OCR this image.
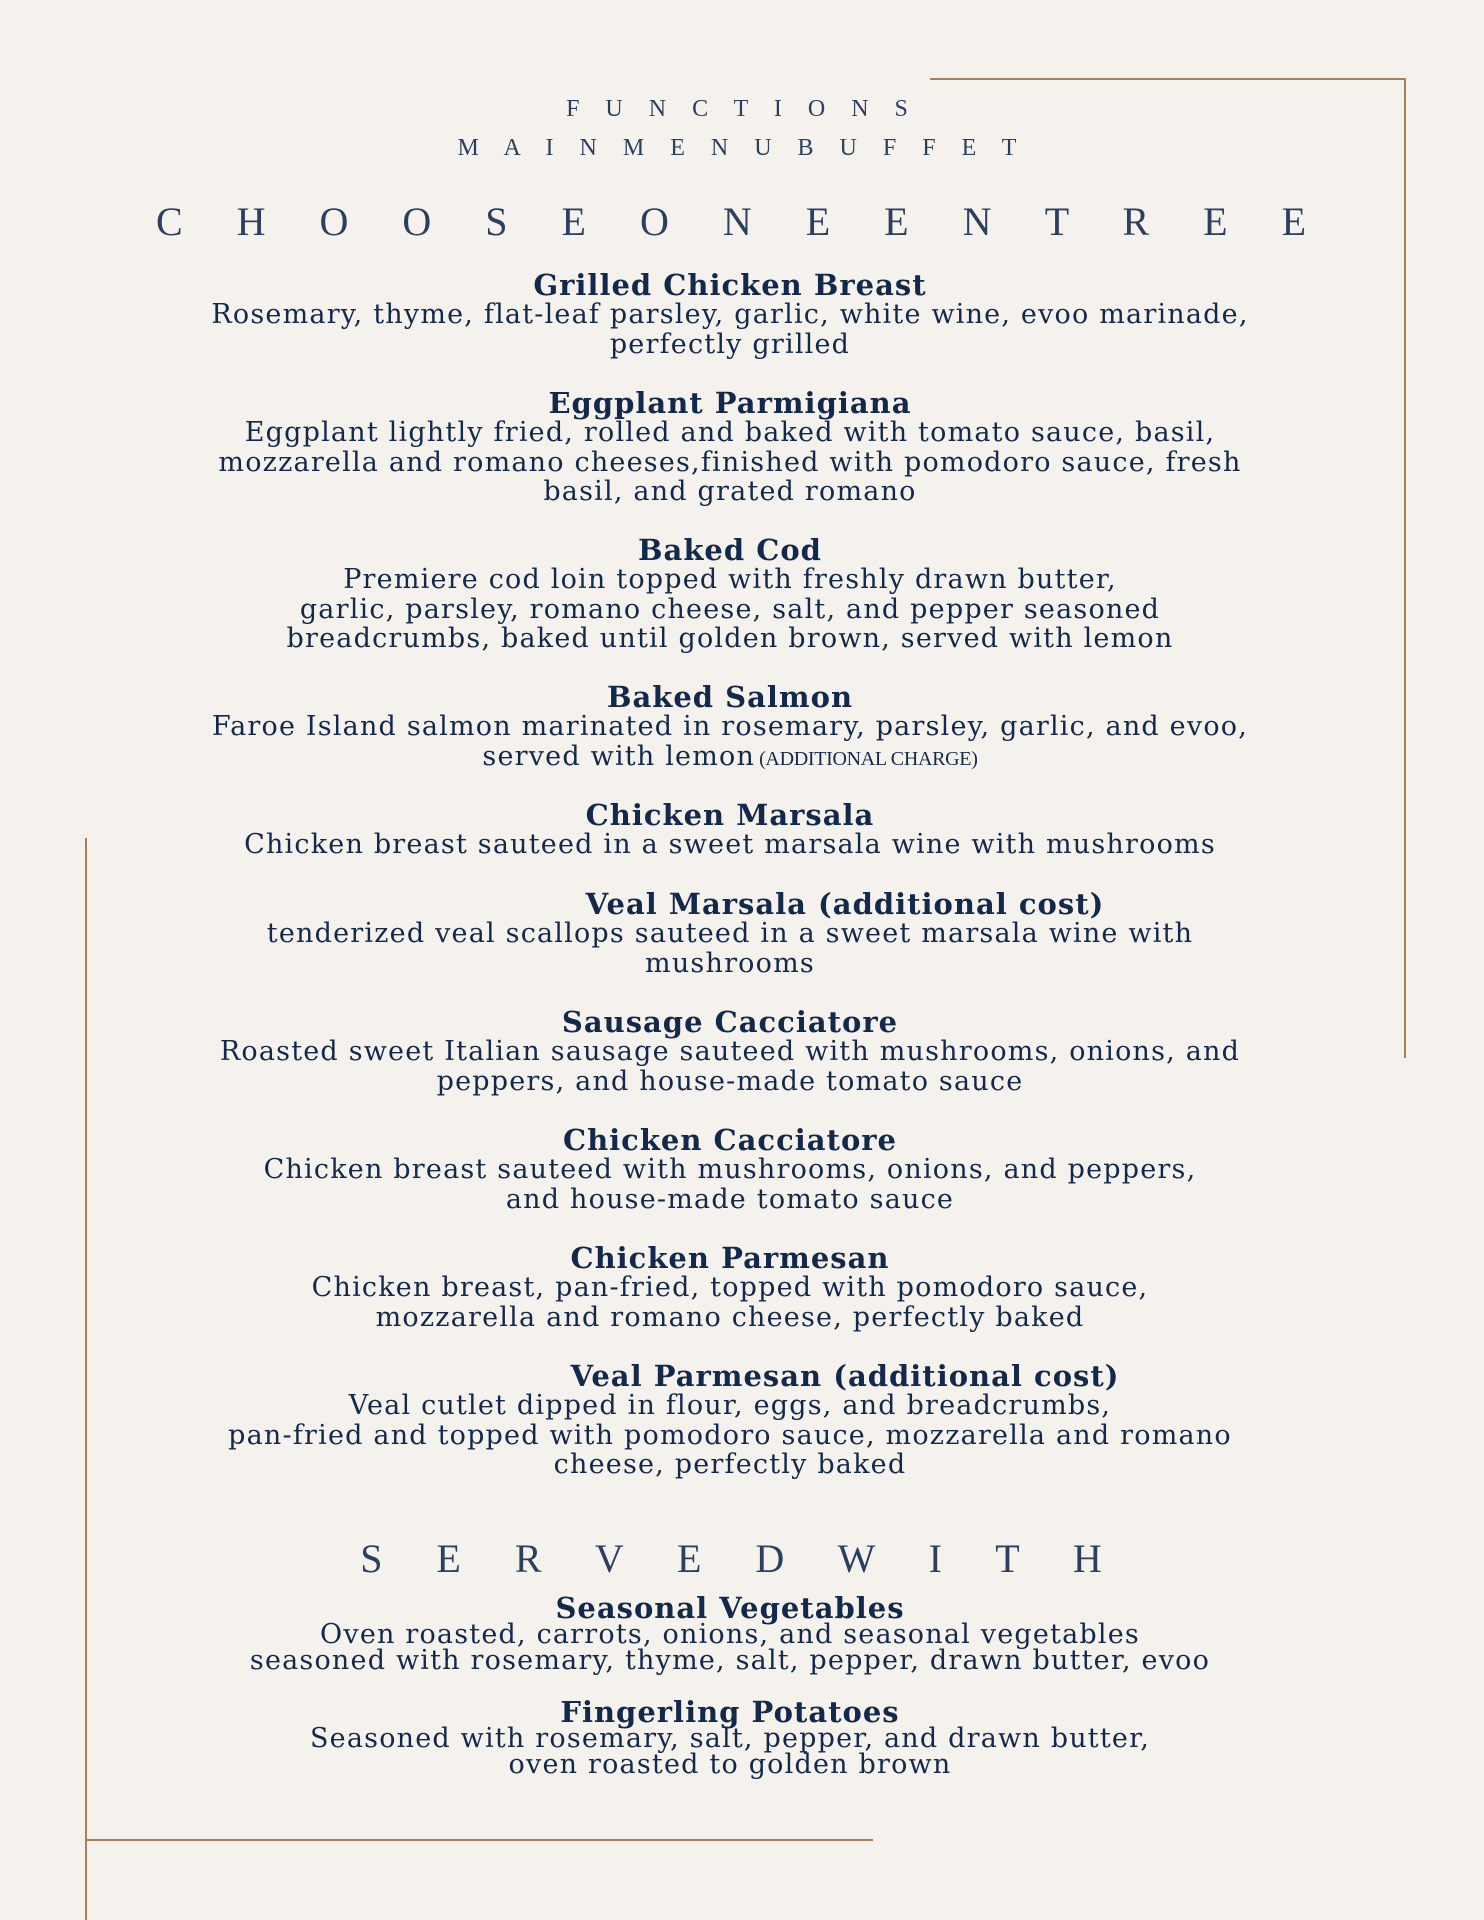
F U N C T I O N S
M A I N M E N U B U F F E T
C H O O S E O N E E N T R E E
Grilled Chicken Breast
Rosemary, thyme, flat-leaf parsley, garlic, white wine, evoo marinade,
perfectly grilled
Eggplant Parmigiana
Eggplant lightly fried, rolled and baked with tomato sauce, basil,
mozzarella and romano cheeses,finished with pomodoro sauce, fresh
basil, and grated romano
Baked Cod
Premiere cod loin topped with freshly drawn butter,
garlic, parsley, romano cheese, salt, and pepper seasoned
breadcrumbs, baked until golden brown, served with lemon
Baked Salmon
Faroe Island salmon marinated in rosemary, parsley, garlic, and evoo,
served with lemon (ADDITIONAL CHARGE)
Chicken Marsala
Chicken breast sauteed in a sweet marsala wine with mushrooms
Veal Marsala (additional cost)
tenderized veal scallops sauteed in a sweet marsala wine with
mushrooms
Sausage Cacciatore
Roasted sweet Italian sausage sauteed with mushrooms, onions, and
peppers, and house-made tomato sauce
Chicken Cacciatore
Chicken breast sauteed with mushrooms, onions, and peppers,
and house-made tomato sauce
Chicken Parmesan
Chicken breast, pan-fried, topped with pomodoro sauce,
mozzarella and romano cheese, perfectly baked
Veal Parmesan (additional cost)
Veal cutlet dipped in flour, eggs, and breadcrumbs,
pan-fried and topped with pomodoro sauce, mozzarella and romano
cheese, perfectly baked
S E R V E D W I T H
Seasonal Vegetables
Oven roasted, carrots, onions, and seasonal vegetables
seasoned with rosemary, thyme, salt, pepper, drawn butter, evoo
Fingerling Potatoes
Seasoned with rosemary, salt, pepper, and drawn butter,
oven roasted to golden brown
